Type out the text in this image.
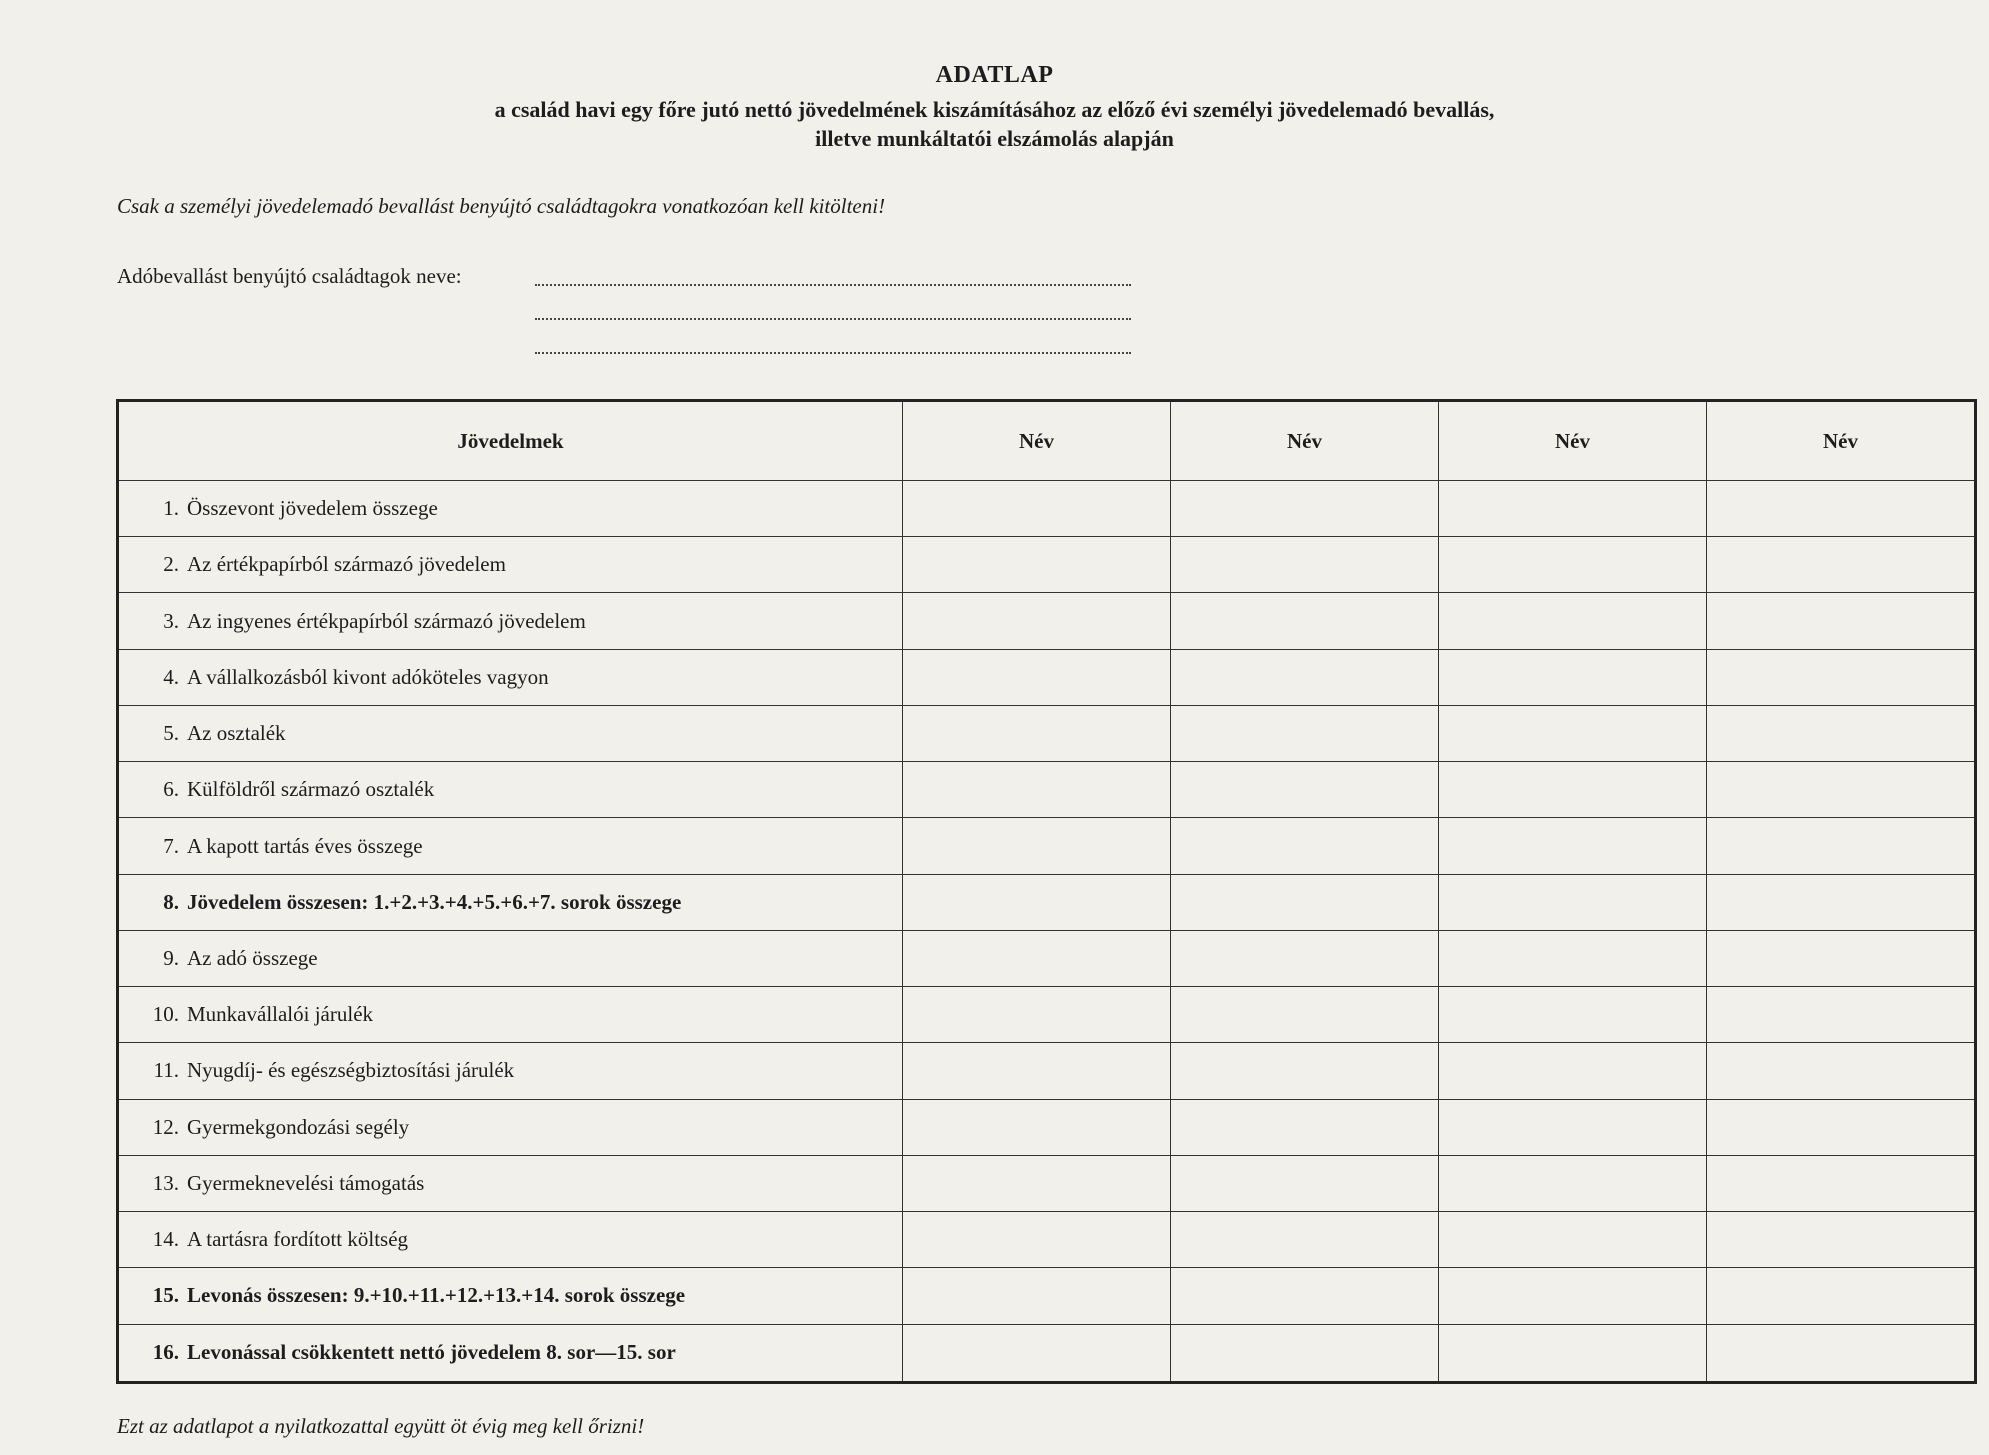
ADATLAP
a család havi egy főre jutó nettó jövedelmének kiszámításához az előző évi személyi jövedelemadó bevallás,
illetve munkáltatói elszámolás alapján
Csak a személyi jövedelemadó bevallást benyújtó családtagokra vonatkozóan kell kitölteni!
Adóbevallást benyújtó családtagok neve:
Jövedelmek	Név	Név	Név	Név
1. Összevont jövedelem összege				
2. Az értékpapírból származó jövedelem				
3. Az ingyenes értékpapírból származó jövedelem				
4. A vállalkozásból kivont adóköteles vagyon				
5. Az osztalék				
6. Külföldről származó osztalék				
7. A kapott tartás éves összege				
8. Jövedelem összesen: 1.+2.+3.+4.+5.+6.+7. sorok összege				
9. Az adó összege				
10. Munkavállalói járulék				
11. Nyugdíj- és egészségbiztosítási járulék				
12. Gyermekgondozási segély				
13. Gyermeknevelési támogatás				
14. A tartásra fordított költség				
15. Levonás összesen: 9.+10.+11.+12.+13.+14. sorok összege				
16. Levonással csökkentett nettó jövedelem 8. sor—15. sor				
Ezt az adatlapot a nyilatkozattal együtt öt évig meg kell őrizni!
